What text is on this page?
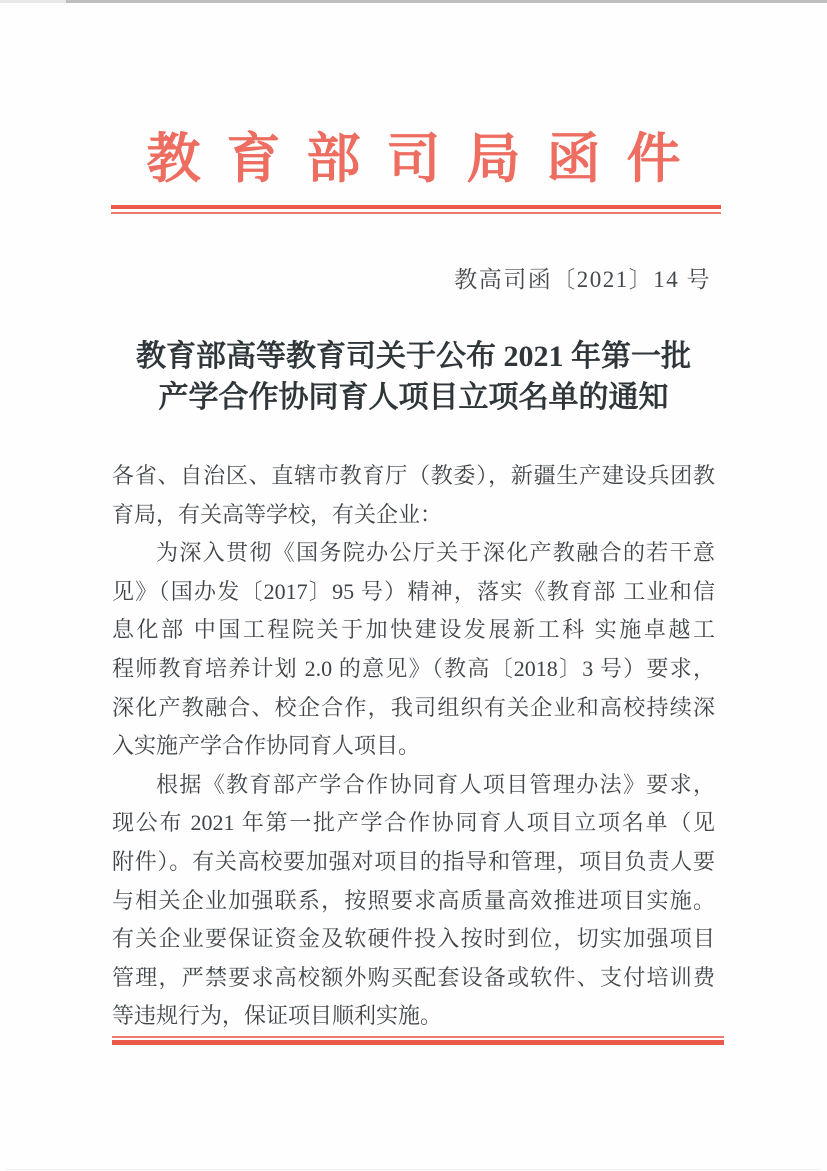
教育部司局函件
教高司函〔2021〕14 号
教育部高等教育司关于公布 2021 年第一批
产学合作协同育人项目立项名单的通知
各省、自治区、直辖市教育厅（教委），新疆生产建设兵团教
育局，有关高等学校，有关企业：
为深入贯彻《国务院办公厅关于深化产教融合的若干意
见》（国办发〔2017〕95 号）精神，落实《教育部 工业和信
息化部 中国工程院关于加快建设发展新工科 实施卓越工
程师教育培养计划 2.0 的意见》（教高〔2018〕3 号）要求，
深化产教融合、校企合作，我司组织有关企业和高校持续深
入实施产学合作协同育人项目。
根据《教育部产学合作协同育人项目管理办法》要求，
现公布 2021 年第一批产学合作协同育人项目立项名单（见
附件）。有关高校要加强对项目的指导和管理，项目负责人要
与相关企业加强联系，按照要求高质量高效推进项目实施。
有关企业要保证资金及软硬件投入按时到位，切实加强项目
管理，严禁要求高校额外购买配套设备或软件、支付培训费
等违规行为，保证项目顺利实施。
